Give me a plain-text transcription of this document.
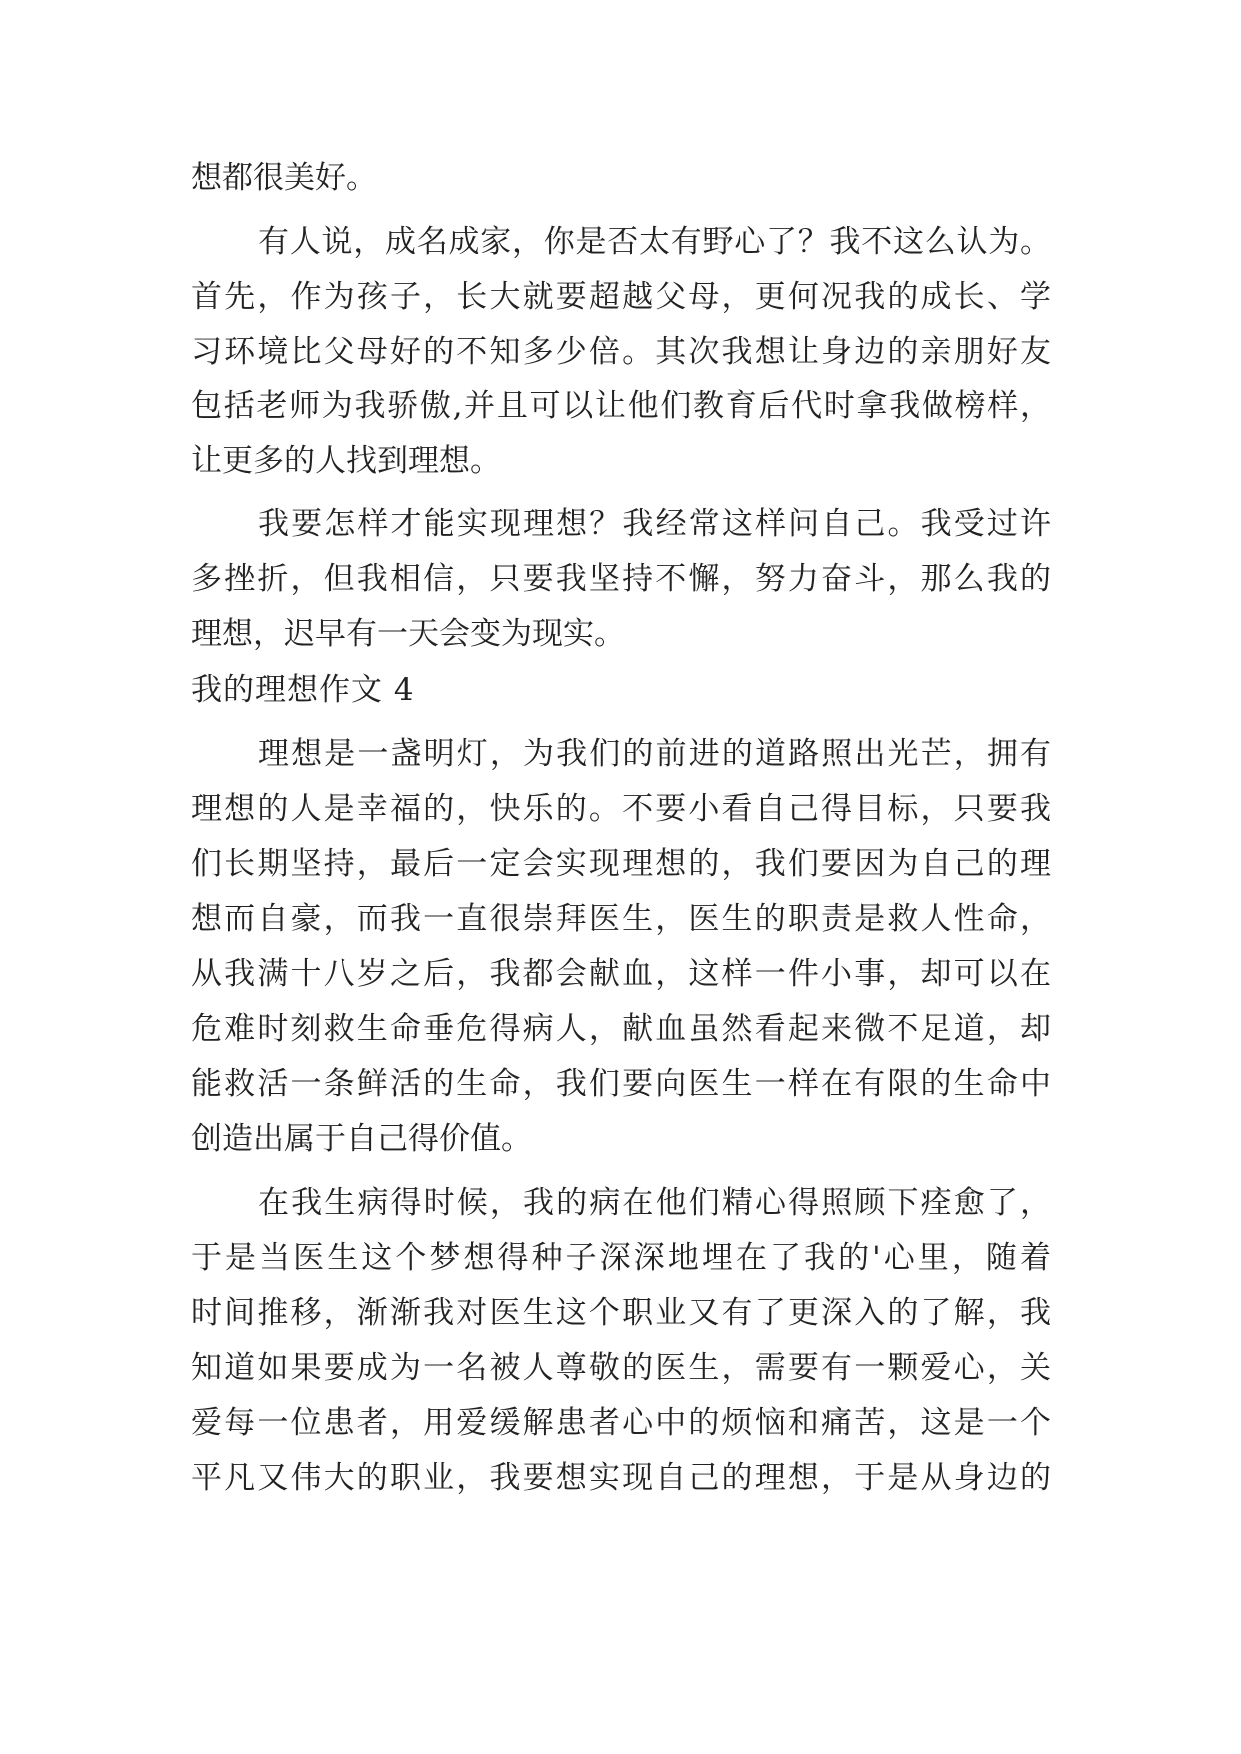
想都很美好。
有人说，成名成家，你是否太有野心了？我不这么认为。
首先，作为孩子，长大就要超越父母，更何况我的成长、学
习环境比父母好的不知多少倍。其次我想让身边的亲朋好友
包括老师为我骄傲,并且可以让他们教育后代时拿我做榜样，
让更多的人找到理想。
我要怎样才能实现理想？我经常这样问自己。我受过许
多挫折，但我相信，只要我坚持不懈，努力奋斗，那么我的
理想，迟早有一天会变为现实。
我的理想作文 4
理想是一盏明灯，为我们的前进的道路照出光芒，拥有
理想的人是幸福的，快乐的。不要小看自己得目标，只要我
们长期坚持，最后一定会实现理想的，我们要因为自己的理
想而自豪，而我一直很崇拜医生，医生的职责是救人性命，
从我满十八岁之后，我都会献血，这样一件小事，却可以在
危难时刻救生命垂危得病人，献血虽然看起来微不足道，却
能救活一条鲜活的生命，我们要向医生一样在有限的生命中
创造出属于自己得价值。
在我生病得时候，我的病在他们精心得照顾下痊愈了，
于是当医生这个梦想得种子深深地埋在了我的'心里，随着
时间推移，渐渐我对医生这个职业又有了更深入的了解，我
知道如果要成为一名被人尊敬的医生，需要有一颗爱心，关
爱每一位患者，用爱缓解患者心中的烦恼和痛苦，这是一个
平凡又伟大的职业，我要想实现自己的理想，于是从身边的
